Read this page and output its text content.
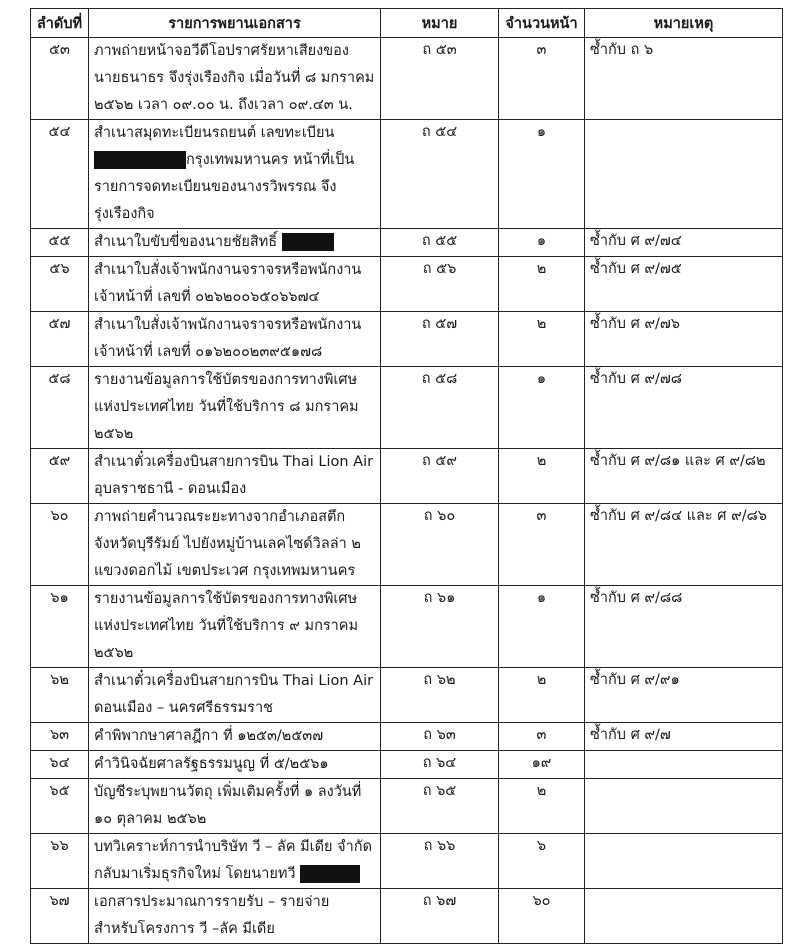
ลำดับที่	รายการพยานเอกสาร	หมาย	จำนวนหน้า	หมายเหตุ
๕๓	ภาพถ่ายหน้าจอวีดีโอปราศรัยหาเสียงของ
นายธนาธร จึงรุ่งเรืองกิจ เมื่อวันที่ ๘ มกราคม
๒๕๖๒ เวลา ๐๙.๐๐ น. ถึงเวลา ๐๙.๔๓ น.	ถ ๕๓	๓	ซ้ำกับ ถ ๖
๕๔	สำเนาสมุดทะเบียนรถยนต์ เลขทะเบียน
กรุงเทพมหานคร หน้าที่เป็น
รายการจดทะเบียนของนางรวิพรรณ จึง
รุ่งเรืองกิจ	ถ ๕๔	๑	
๕๕	สำเนาใบขับขี่ของนายชัยสิทธิ์	ถ ๕๕	๑	ซ้ำกับ ศ ๙/๗๔
๕๖	สำเนาใบสั่งเจ้าพนักงานจราจรหรือพนักงาน
เจ้าหน้าที่ เลขที่ ๐๒๖๒๐๐๖๕๐๖๖๗๔	ถ ๕๖	๒	ซ้ำกับ ศ ๙/๗๕
๕๗	สำเนาใบสั่งเจ้าพนักงานจราจรหรือพนักงาน
เจ้าหน้าที่ เลขที่ ๐๑๖๒๐๐๒๓๙๕๑๗๘	ถ ๕๗	๒	ซ้ำกับ ศ ๙/๗๖
๕๘	รายงานข้อมูลการใช้บัตรของการทางพิเศษ
แห่งประเทศไทย วันที่ใช้บริการ ๘ มกราคม
๒๕๖๒	ถ ๕๘	๑	ซ้ำกับ ศ ๙/๗๘
๕๙	สำเนาตั๋วเครื่องบินสายการบิน Thai Lion Air
อุบลราชธานี - ดอนเมือง	ถ ๕๙	๒	ซ้ำกับ ศ ๙/๘๑ และ ศ ๙/๘๒
๖๐	ภาพถ่ายคำนวณระยะทางจากอำเภอสตึก
จังหวัดบุรีรัมย์ ไปยังหมู่บ้านเลคไซด์วิลล่า ๒
แขวงดอกไม้ เขตประเวศ กรุงเทพมหานคร	ถ ๖๐	๓	ซ้ำกับ ศ ๙/๘๔ และ ศ ๙/๘๖
๖๑	รายงานข้อมูลการใช้บัตรของการทางพิเศษ
แห่งประเทศไทย วันที่ใช้บริการ ๙ มกราคม
๒๕๖๒	ถ ๖๑	๑	ซ้ำกับ ศ ๙/๘๘
๖๒	สำเนาตั๋วเครื่องบินสายการบิน Thai Lion Air
ดอนเมือง – นครศรีธรรมราช	ถ ๖๒	๒	ซ้ำกับ ศ ๙/๙๑
๖๓	คำพิพากษาศาลฎีกา ที่ ๑๒๕๓/๒๕๓๗	ถ ๖๓	๓	ซ้ำกับ ศ ๙/๗
๖๔	คำวินิจฉัยศาลรัฐธรรมนูญ ที่ ๕/๒๕๖๑	ถ ๖๔	๑๙	
๖๕	บัญชีระบุพยานวัตถุ เพิ่มเติมครั้งที่ ๑ ลงวันที่
๑๐ ตุลาคม ๒๕๖๒	ถ ๖๕	๒	
๖๖	บทวิเคราะห์การนำบริษัท วี – ลัค มีเดีย จำกัด
กลับมาเริ่มธุรกิจใหม่ โดยนายทวี	ถ ๖๖	๖	
๖๗	เอกสารประมาณการรายรับ – รายจ่าย
สำหรับโครงการ วี –ลัค มีเดีย	ถ ๖๗	๖๐	
